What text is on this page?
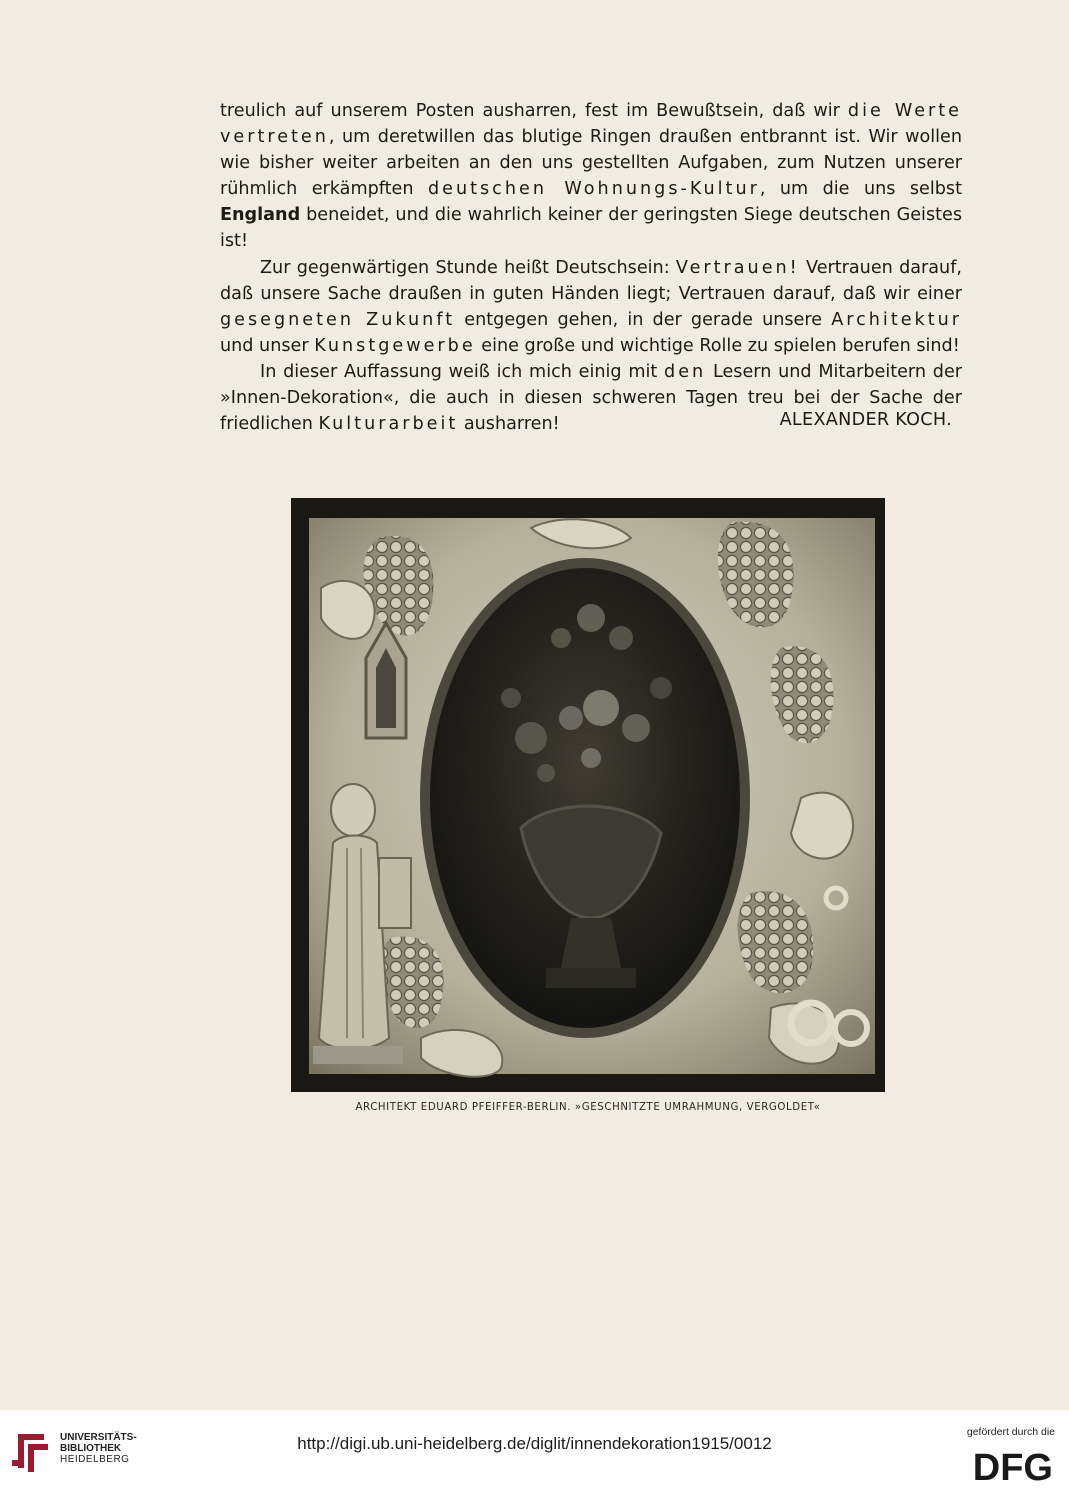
treulich auf unserem Posten ausharren, fest im Bewußtsein, daß wir die Werte vertreten, um deretwillen das blutige Ringen draußen entbrannt ist. Wir wollen wie bisher weiter arbeiten an den uns gestellten Aufgaben, zum Nutzen unserer rühmlich erkämpften deutschen Wohnungs-Kultur, um die uns selbst England beneidet, und die wahrlich keiner der geringsten Siege deutschen Geistes ist!

Zur gegenwärtigen Stunde heißt Deutschsein: Vertrauen! Vertrauen darauf, daß unsere Sache draußen in guten Händen liegt; Vertrauen darauf, daß wir einer gesegneten Zukunft entgegen gehen, in der gerade unsere Architektur und unser Kunstgewerbe eine große und wichtige Rolle zu spielen berufen sind!

In dieser Auffassung weiß ich mich einig mit den Lesern und Mitarbeitern der »Innen-Dekoration«, die auch in diesen schweren Tagen treu bei der Sache der friedlichen Kulturarbeit ausharren!	ALEXANDER KOCH.
ARCHITEKT EDUARD PFEIFFER-BERLIN. »GESCHNITZTE UMRAHMUNG, VERGOLDET«
UNIVERSITÄTS-
BIBLIOTHEK
HEIDELBERG
http://digi.ub.uni-heidelberg.de/diglit/innendekoration1915/0012
gefördert durch die
DFG
